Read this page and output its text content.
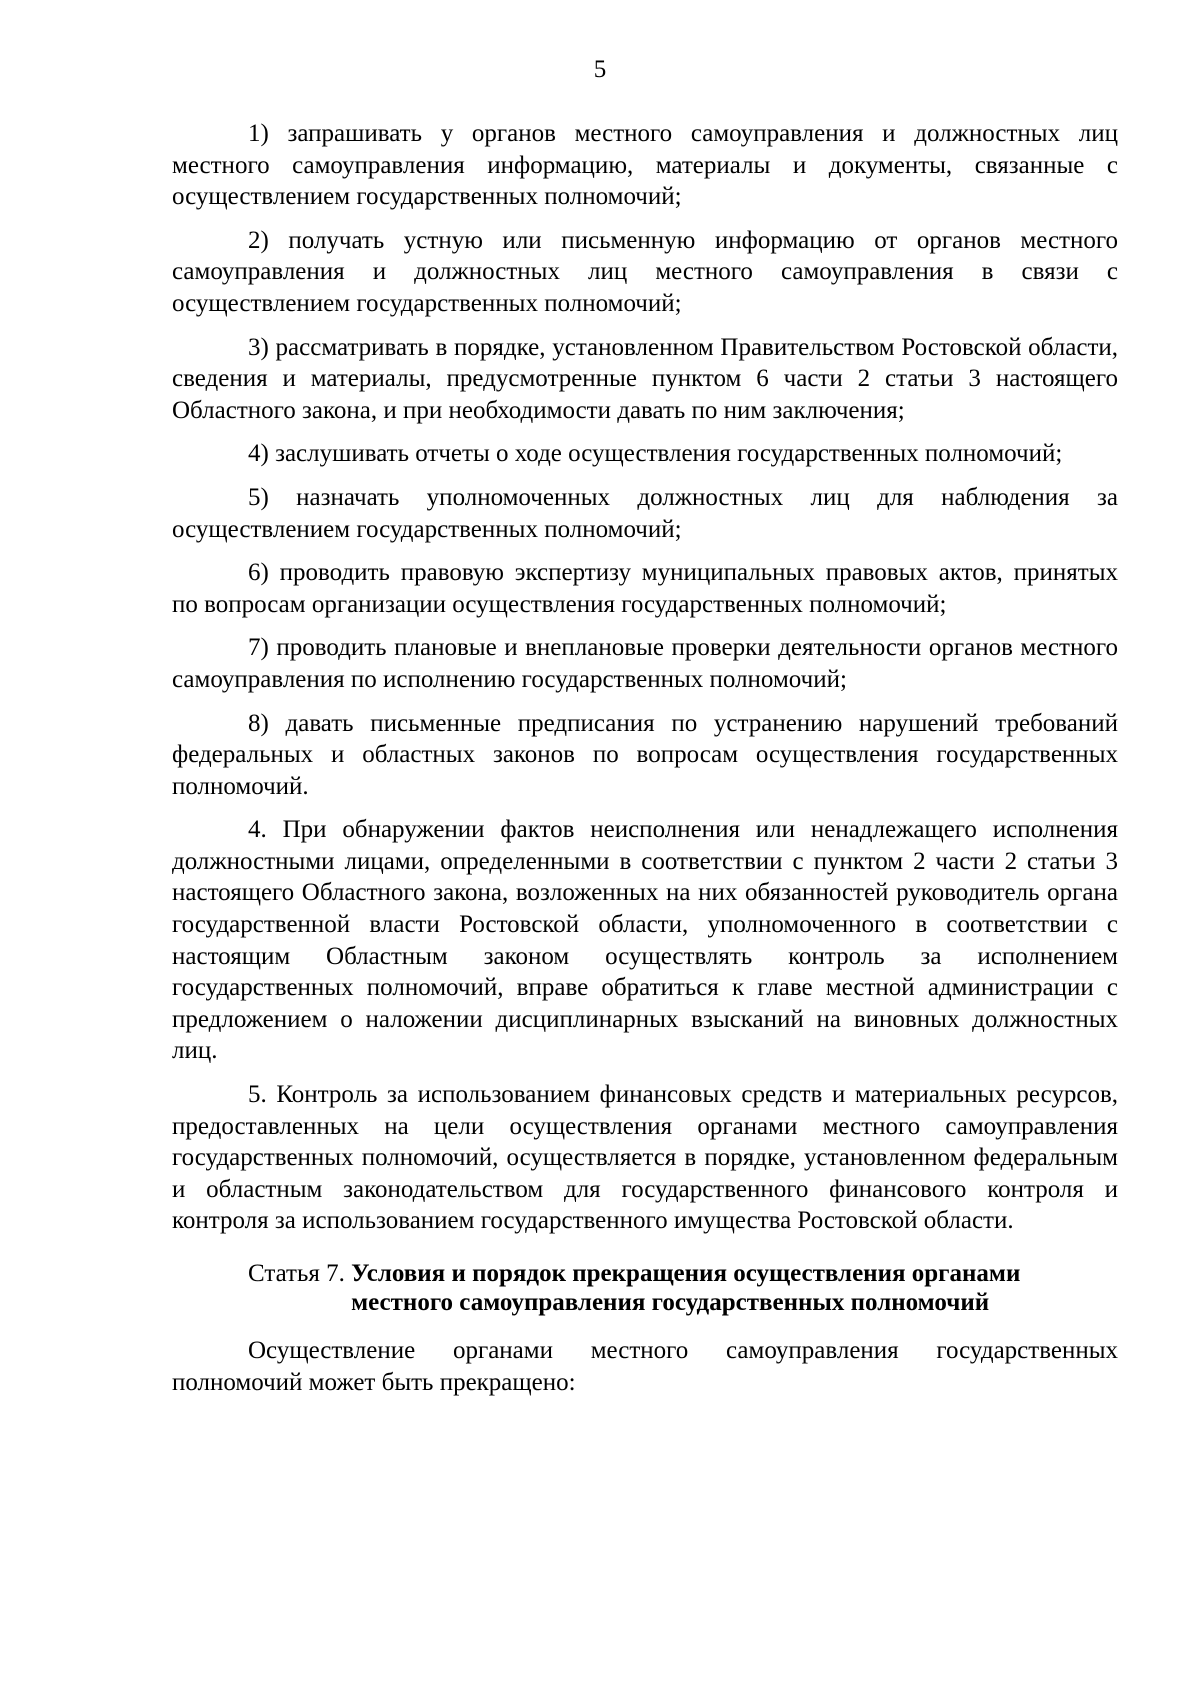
5

1) запрашивать у органов местного самоуправления и должностных лиц местного самоуправления информацию, материалы и документы, связанные с осуществлением государственных полномочий;

2) получать устную или письменную информацию от органов местного самоуправления и должностных лиц местного самоуправления в связи с осуществлением государственных полномочий;

3) рассматривать в порядке, установленном Правительством Ростовской области, сведения и материалы, предусмотренные пунктом 6 части 2 статьи 3 настоящего Областного закона, и при необходимости давать по ним заключения;

4) заслушивать отчеты о ходе осуществления государственных полномочий;

5) назначать уполномоченных должностных лиц для наблюдения за осуществлением государственных полномочий;

6) проводить правовую экспертизу муниципальных правовых актов, принятых по вопросам организации осуществления государственных полномочий;

7) проводить плановые и внеплановые проверки деятельности органов местного самоуправления по исполнению государственных полномочий;

8) давать письменные предписания по устранению нарушений требований федеральных и областных законов по вопросам осуществления государственных полномочий.

4. При обнаружении фактов неисполнения или ненадлежащего исполнения должностными лицами, определенными в соответствии с пунктом 2 части 2 статьи 3 настоящего Областного закона, возложенных на них обязанностей руководитель органа государственной власти Ростовской области, уполномоченного в соответствии с настоящим Областным законом осуществлять контроль за исполнением государственных полномочий, вправе обратиться к главе местной администрации с предложением о наложении дисциплинарных взысканий на виновных должностных лиц.

5. Контроль за использованием финансовых средств и материальных ресурсов, предоставленных на цели осуществления органами местного самоуправления государственных полномочий, осуществляется в порядке, установленном федеральным и областным законодательством для государственного финансового контроля и контроля за использованием государственного имущества Ростовской области.

Статья 7. Условия и порядок прекращения осуществления органами местного самоуправления государственных полномочий

Осуществление органами местного самоуправления государственных полномочий может быть прекращено:
